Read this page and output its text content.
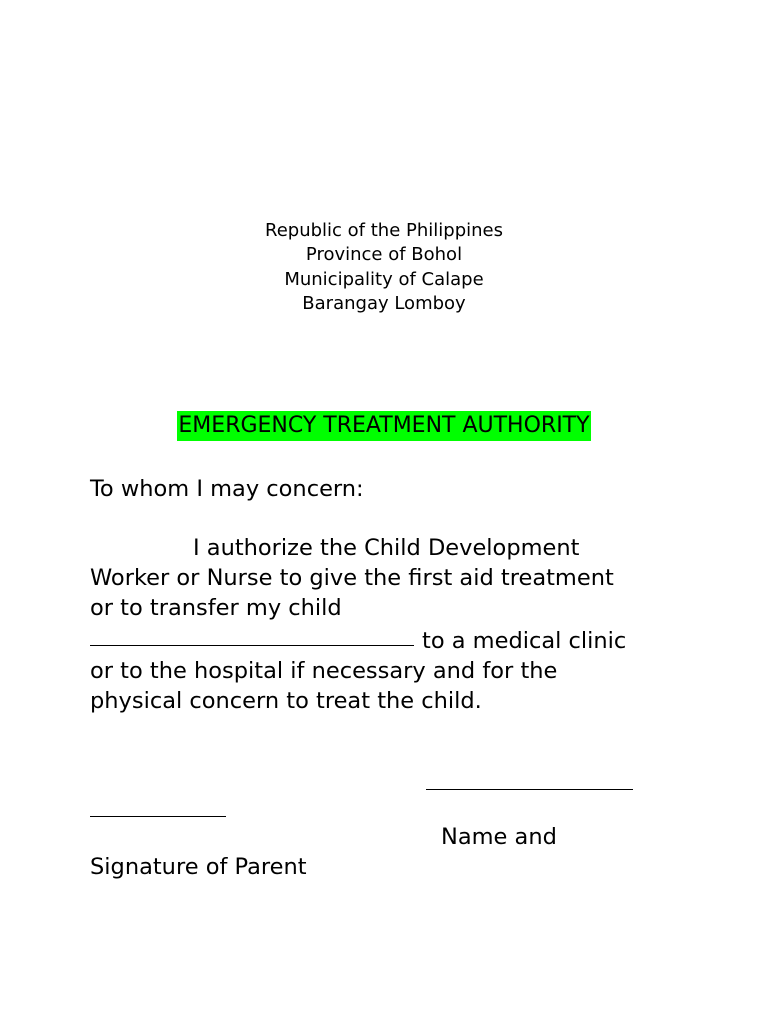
Republic of the Philippines
Province of Bohol
Municipality of Calape
Barangay Lomboy
EMERGENCY TREATMENT AUTHORITY
To whom I may concern:
I authorize the Child Development
Worker or Nurse to give the first aid treatment
or to transfer my child
to a medical clinic
or to the hospital if necessary and for the
physical concern to treat the child.
Name and
Signature of Parent
